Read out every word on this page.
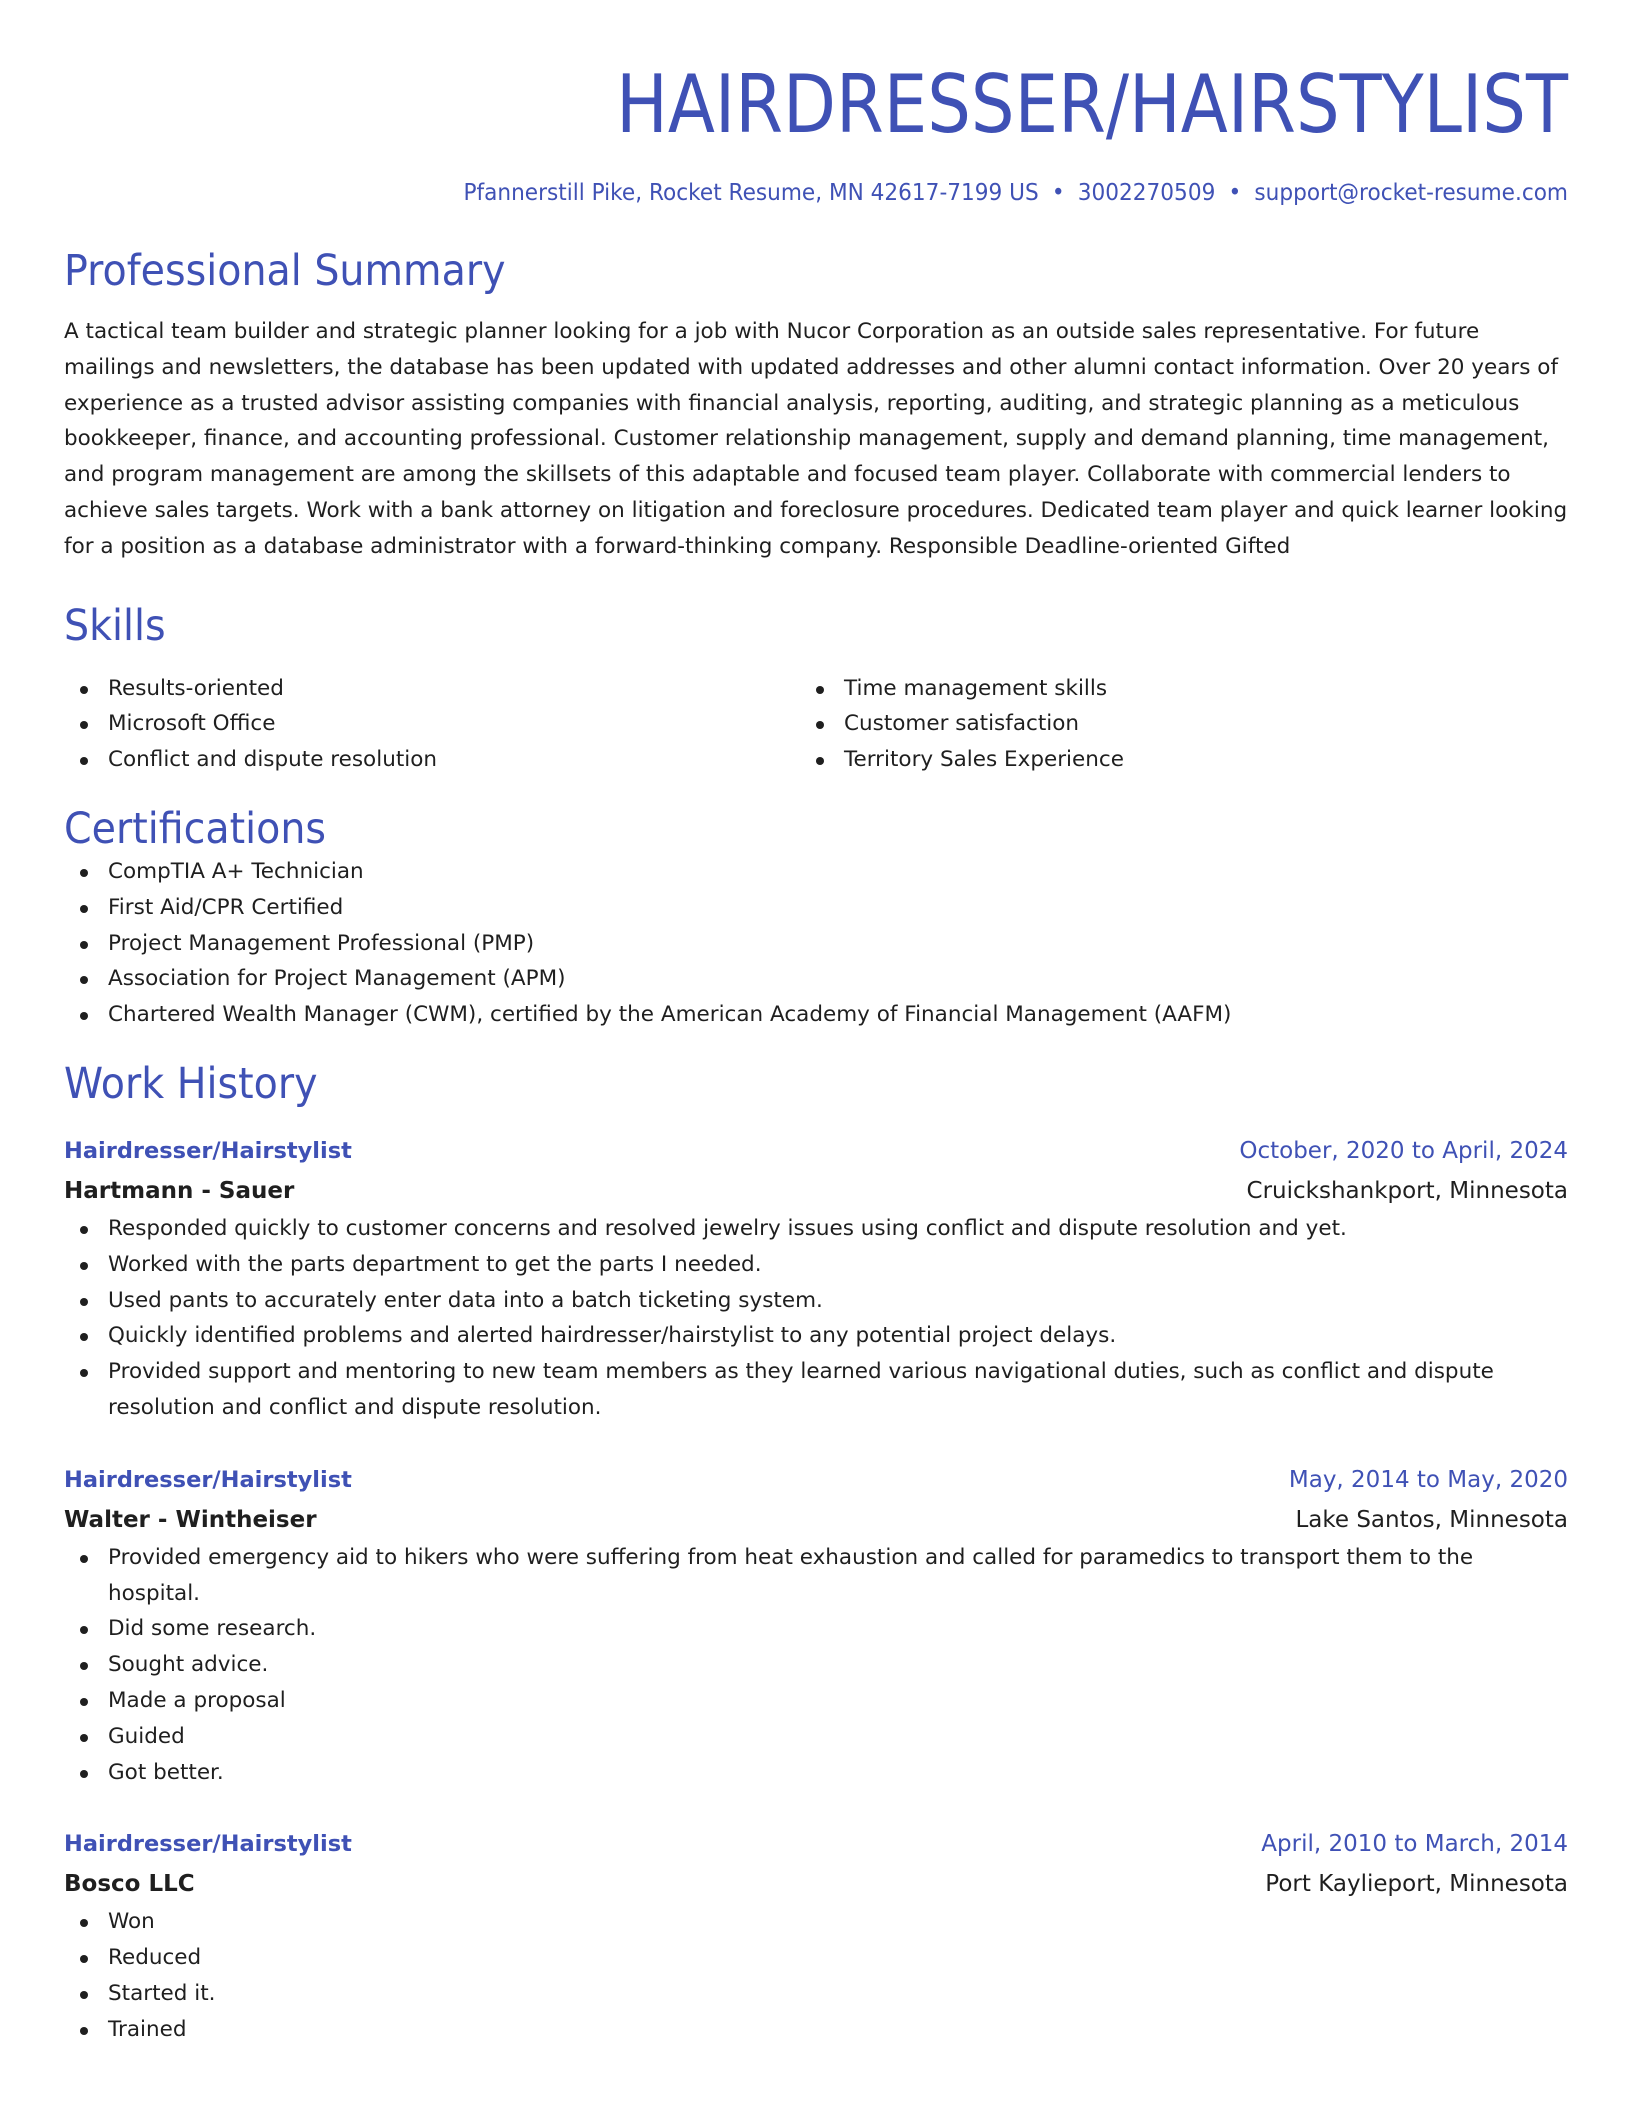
HAIRDRESSER/HAIRSTYLIST
Pfannerstill Pike, Rocket Resume, MN 42617-7199 US • 3002270509 • support@rocket-resume.com
Professional Summary

A tactical team builder and strategic planner looking for a job with Nucor Corporation as an outside sales representative. For future mailings and newsletters, the database has been updated with updated addresses and other alumni contact information. Over 20 years of experience as a trusted advisor assisting companies with financial analysis, reporting, auditing, and strategic planning as a meticulous bookkeeper, finance, and accounting professional. Customer relationship management, supply and demand planning, time management, and program management are among the skillsets of this adaptable and focused team player. Collaborate with commercial lenders to achieve sales targets. Work with a bank attorney on litigation and foreclosure procedures. Dedicated team player and quick learner looking for a position as a database administrator with a forward-thinking company. Responsible Deadline-oriented Gifted

Skills
Results-oriented
Microsoft Office
Conflict and dispute resolution
Time management skills
Customer satisfaction
Territory Sales Experience
Certifications
CompTIA A+ Technician
First Aid/CPR Certified
Project Management Professional (PMP)
Association for Project Management (APM)
Chartered Wealth Manager (CWM), certified by the American Academy of Financial Management (AAFM)
Work History
Hairdresser/Hairstylist	October, 2020 to April, 2024
Hartmann - Sauer	Cruickshankport, Minnesota
Responded quickly to customer concerns and resolved jewelry issues using conflict and dispute resolution and yet.
Worked with the parts department to get the parts I needed.
Used pants to accurately enter data into a batch ticketing system.
Quickly identified problems and alerted hairdresser/hairstylist to any potential project delays.
Provided support and mentoring to new team members as they learned various navigational duties, such as conflict and dispute resolution and conflict and dispute resolution.
Hairdresser/Hairstylist	May, 2014 to May, 2020
Walter - Wintheiser	Lake Santos, Minnesota
Provided emergency aid to hikers who were suffering from heat exhaustion and called for paramedics to transport them to the hospital.
Did some research.
Sought advice.
Made a proposal
Guided
Got better.
Hairdresser/Hairstylist	April, 2010 to March, 2014
Bosco LLC	Port Kaylieport, Minnesota
Won
Reduced
Started it.
Trained
